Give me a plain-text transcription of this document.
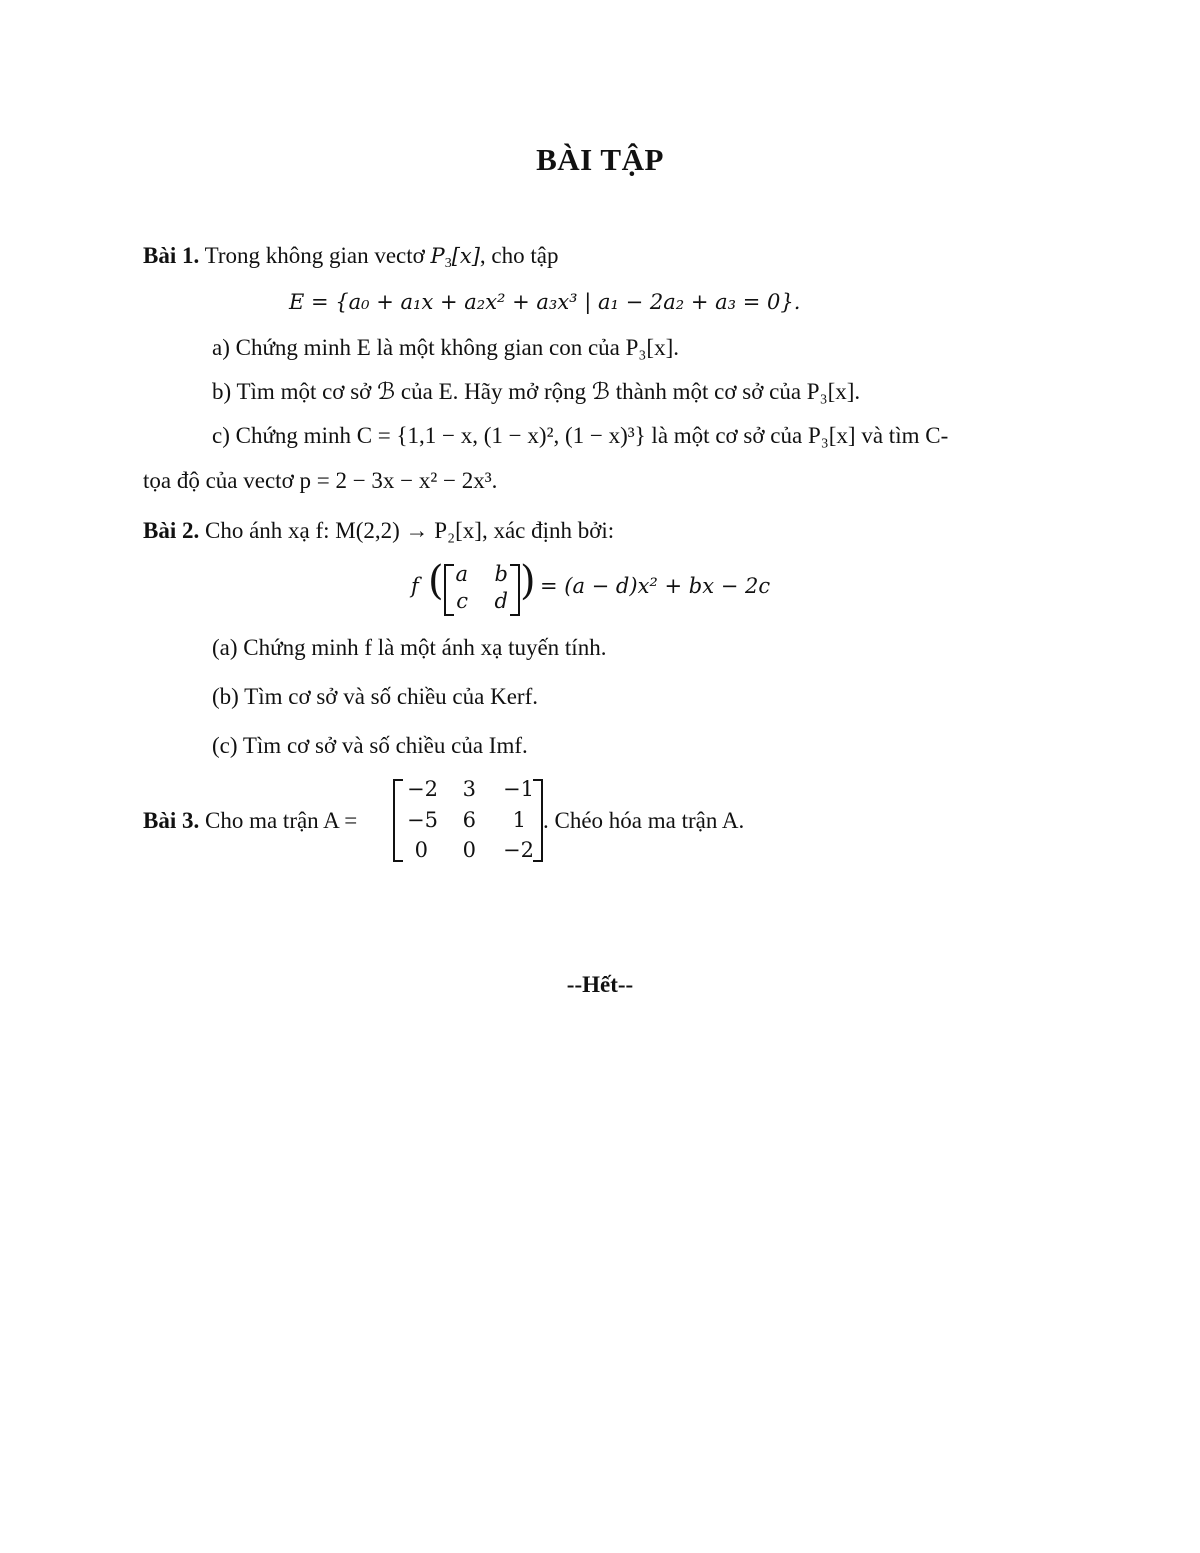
BÀI TẬP
Bài 1. Trong không gian vectơ $P_3[x]$, cho tập
E = {a₀ + a₁x + a₂x² + a₃x³ | a₁ − 2a₂ + a₃ = 0}.
a) Chứng minh E là một không gian con của P₃[x].
b) Tìm một cơ sở ℬ của E. Hãy mở rộng ℬ thành một cơ sở của P₃[x].
c) Chứng minh C = {1,1 − x, (1 − x)², (1 − x)³} là một cơ sở của P₃[x] và tìm C-
tọa độ của vectơ p = 2 − 3x − x² − 2x³.
Bài 2. Cho ánh xạ f: M(2,2) → P₂[x], xác định bởi:
f ( a b
c d ) = (a − d)x² + bx − 2c
(a) Chứng minh f là một ánh xạ tuyến tính.
(b) Tìm cơ sở và số chiều của Kerf.
(c) Tìm cơ sở và số chiều của Imf.
Bài 3. Cho ma trận A =
−2	3	−1
−5	6	1
0	0	−2
. Chéo hóa ma trận A.
--Hết--
